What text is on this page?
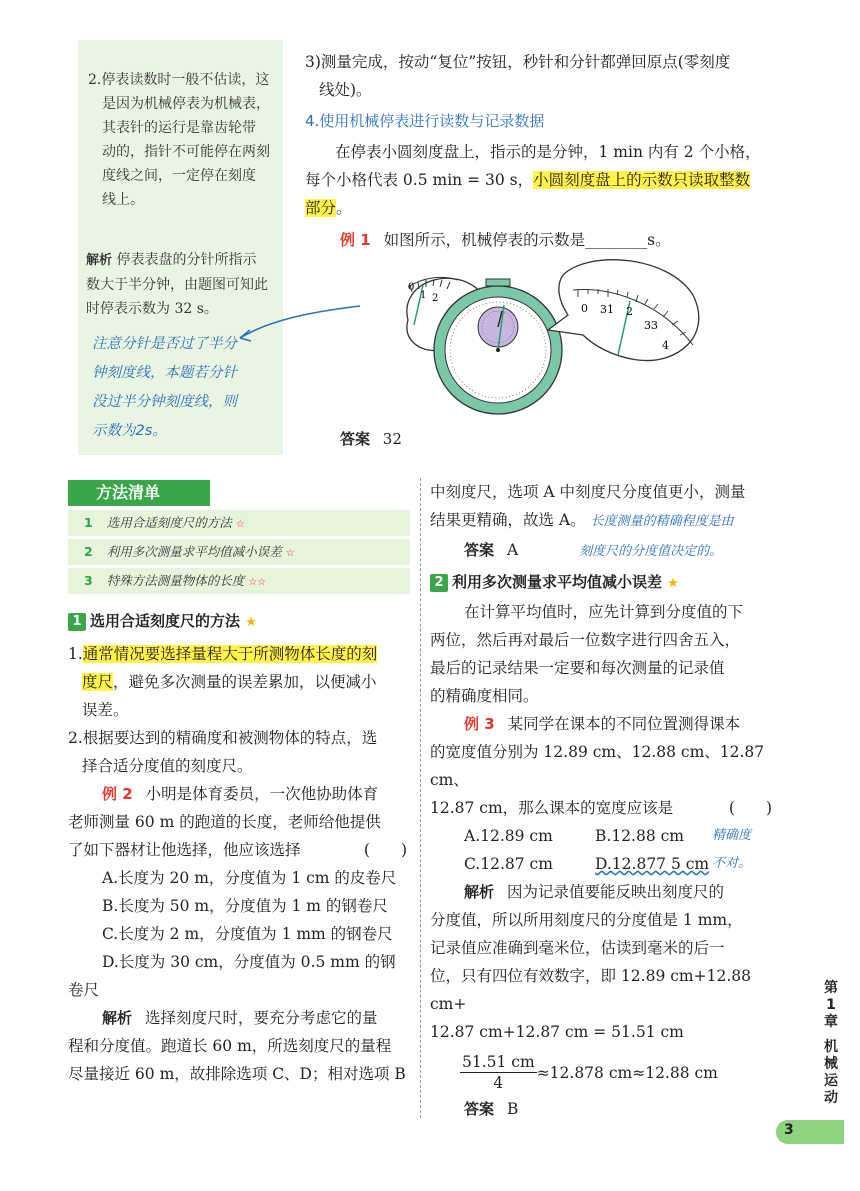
2.停表读数时一般不估读，这

是因为机械停表为机械表，

其表针的运行是靠齿轮带

动的，指针不可能停在两刻

度线之间，一定停在刻度

线上。

解析 停表表盘的分针所指示

数大于半分钟，由题图可知此

时停表示数为 32 s。

注意分针是否过了半分
钟刻度线，本题若分针
没过半分钟刻度线，则
示数为2s。
3)测量完成，按动“复位”按钮，秒针和分针都弹回原点(零刻度
线处)。
4.使用机械停表进行读数与记录数据
在停表小圆刻度盘上，指示的是分钟，1 min 内有 2 个小格，
每个小格代表 0.5 min = 30 s，小圆刻度盘上的示数只读取整数
部分。
例 1 如图所示，机械停表的示数是________s。
0
1 2
0 31 2
33
4
答案 32
方法清单
1 选用合适刻度尺的方法 ☆
2 利用多次测量求平均值减小误差 ☆
3 特殊方法测量物体的长度 ☆☆
1 选用合适刻度尺的方法 ★
1.通常情况要选择量程大于所测物体长度的刻
度尺，避免多次测量的误差累加，以便减小
误差。
2.根据要达到的精确度和被测物体的特点，选
择合适分度值的刻度尺。
例 2 小明是体育委员，一次他协助体育
老师测量 60 m 的跑道的长度，老师给他提供
了如下器材让他选择，他应该选择	(　　)
A.长度为 20 m，分度值为 1 cm 的皮卷尺
B.长度为 50 m，分度值为 1 m 的钢卷尺
C.长度为 2 m，分度值为 1 mm 的钢卷尺
D.长度为 30 cm，分度值为 0.5 mm 的钢
卷尺
解析 选择刻度尺时，要充分考虑它的量
程和分度值。跑道长 60 m，所选刻度尺的量程
尽量接近 60 m，故排除选项 C、D；相对选项 B
中刻度尺，选项 A 中刻度尺分度值更小，测量
结果更精确，故选 A。 长度测量的精确程度是由
答案 A	刻度尺的分度值决定的。
2 利用多次测量求平均值减小误差 ★
在计算平均值时，应先计算到分度值的下
两位，然后再对最后一位数字进行四舍五入，
最后的记录结果一定要和每次测量的记录值
的精确度相同。
例 3 某同学在课本的不同位置测得课本
的宽度值分别为 12.89 cm、12.88 cm、12.87 cm、
12.87 cm，那么课本的宽度应该是	(　　)
A.12.89 cm	B.12.88 cm 精确度
C.12.87 cm	D.12.877 5 cm 不对。
解析 因为记录值要能反映出刻度尺的
分度值，所以所用刻度尺的分度值是 1 mm，
记录值应准确到毫米位，估读到毫米的后一
位，只有四位有效数字，即 12.89 cm+12.88 cm+
12.87 cm+12.87 cm = 51.51 cm
$\frac{51.51 cm}{4} \approx 12.878$ cm≈12.88 cm
答案 B
第
1
章
机
械
运
动
3
